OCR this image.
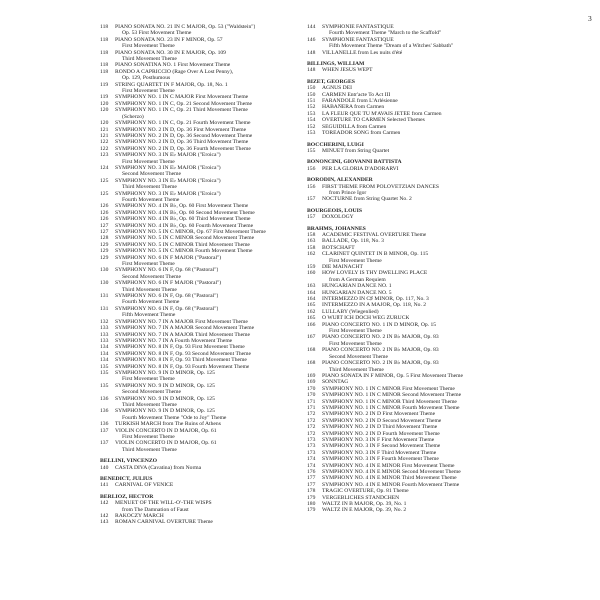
3
118	PIANO SONATA NO. 21 IN C MAJOR, Op. 53 ("Waldstein")
Op. 53 First Movement Theme
118	PIANO SONATA NO. 23 IN F MINOR, Op. 57
First Movement Theme
118	PIANO SONATA NO. 30 IN E MAJOR, Op. 109
Third Movement Theme
118	PIANO SONATINA NO. 1 First Movement Theme
118	RONDO A CAPRICCIO (Rage Over A Lost Penny),
Op. 129, Posthumous
119	STRING QUARTET IN F MAJOR, Op. 18, No. 1
First Movement Theme
119	SYMPHONY NO. 1 IN C MAJOR First Movement Theme
120	SYMPHONY NO. 1 IN C, Op. 21 Second Movement Theme
120	SYMPHONY NO. 1 IN C, Op. 21 Third Movement Theme
(Scherzo)
120	SYMPHONY NO. 1 IN C, Op. 21 Fourth Movement Theme
121	SYMPHONY NO. 2 IN D, Op. 36 First Movement Theme
121	SYMPHONY NO. 2 IN D, Op. 36 Second Movement Theme
122	SYMPHONY NO. 2 IN D, Op. 36 Third Movement Theme
122	SYMPHONY NO. 2 IN D, Op. 36 Fourth Movement Theme
123	SYMPHONY NO. 3 IN E♭ MAJOR ("Eroica")
First Movement Theme
124	SYMPHONY NO. 3 IN E♭ MAJOR ("Eroica")
Second Movement Theme
125	SYMPHONY NO. 3 IN E♭ MAJOR ("Eroica")
Third Movement Theme
125	SYMPHONY NO. 3 IN E♭ MAJOR ("Eroica")
Fourth Movement Theme
126	SYMPHONY NO. 4 IN B♭, Op. 60 First Movement Theme
126	SYMPHONY NO. 4 IN B♭, Op. 60 Second Movement Theme
126	SYMPHONY NO. 4 IN B♭, Op. 60 Third Movement Theme
127	SYMPHONY NO. 4 IN B♭, Op. 60 Fourth Movement Theme
127	SYMPHONY NO. 5 IN C MINOR, Op. 67 First Movement Theme
128	SYMPHONY NO. 5 IN C MINOR Second Movement Theme
129	SYMPHONY NO. 5 IN C MINOR Third Movement Theme
129	SYMPHONY NO. 5 IN C MINOR Fourth Movement Theme
129	SYMPHONY NO. 6 IN F MAJOR ("Pastoral")
First Movement Theme
130	SYMPHONY NO. 6 IN F, Op. 68 ("Pastoral")
Second Movement Theme
130	SYMPHONY NO. 6 IN F MAJOR ("Pastoral")
Third Movement Theme
131	SYMPHONY NO. 6 IN F, Op. 68 ("Pastoral")
Fourth Movement Theme
131	SYMPHONY NO. 6 IN F, Op. 68 ("Pastoral")
Fifth Movement Theme
132	SYMPHONY NO. 7 IN A MAJOR First Movement Theme
133	SYMPHONY NO. 7 IN A MAJOR Second Movement Theme
133	SYMPHONY NO. 7 IN A MAJOR Third Movement Theme
133	SYMPHONY NO. 7 IN A Fourth Movement Theme
134	SYMPHONY NO. 8 IN F, Op. 93 First Movement Theme
134	SYMPHONY NO. 8 IN F, Op. 93 Second Movement Theme
134	SYMPHONY NO. 8 IN F, Op. 93 Third Movement Theme
135	SYMPHONY NO. 8 IN F, Op. 93 Fourth Movement Theme
135	SYMPHONY NO. 9 IN D MINOR, Op. 125
First Movement Theme
135	SYMPHONY NO. 9 IN D MINOR, Op. 125
Second Movement Theme
136	SYMPHONY NO. 9 IN D MINOR, Op. 125
Third Movement Theme
136	SYMPHONY NO. 9 IN D MINOR, Op. 125
Fourth Movement Theme "Ode to Joy" Theme
136	TURKISH MARCH from The Ruins of Athens
137	VIOLIN CONCERTO IN D MAJOR, Op. 61
First Movement Theme
137	VIOLIN CONCERTO IN D MAJOR, Op. 61
Third Movement Theme
BELLINI, VINCENZO
140	CASTA DIVA (Cavatina) from Norma
BENEDICT, JULIUS
141	CARNIVAL OF VENICE
BERLIOZ, HECTOR
142	MENUET OF THE WILL-O'-THE WISPS
from The Damnation of Faust
142	RAKOCZY MARCH
143	ROMAN CARNIVAL OVERTURE Theme
144	SYMPHONIE FANTASTIQUE
Fourth Movement Theme "March to the Scaffold"
146	SYMPHONIE FANTASTIQUE
Fifth Movement Theme "Dream of a Witches' Sabbath"
148	VILLANELLE from Les nuits d'été
BILLINGS, WILLIAM
148	WHEN JESUS WEPT
BIZET, GEORGES
150	AGNUS DEI
150	CARMEN Entr'acte To Act III
151	FARANDOLE from L'Arlésienne
152	HABAÑERA from Carmen
153	LA FLEUR QUE TU M'AVAIS JETÉE from Carmen
154	OVERTURE TO CARMEN Selected Themes
152	SEGUIDILLA from Carmen
153	TOREADOR SONG from Carmen
BOCCHERINI, LUIGI
155	MINUET from String Quartet
BONONCINI, GIOVANNI BATTISTA
156	PER LA GLORIA D'ADORARVI
BORODIN, ALEXANDER
156	FIRST THEME FROM POLOVETZIAN DANCES
from Prince Igor
157	NOCTURNE from String Quartet No. 2
BOURGEOIS, LOUIS
157	DOXOLOGY
BRAHMS, JOHANNES
158	ACADEMIC FESTIVAL OVERTURE Theme
163	BALLADE, Op. 118, No. 3
158	BOTSCHAFT
162	CLARINET QUINTET IN B MINOR, Op. 115
First Movement Theme
159	DIE MAINACHT
160	HOW LOVELY IS THY DWELLING PLACE
from A German Requiem
163	HUNGARIAN DANCE NO. 1
164	HUNGARIAN DANCE NO. 5
164	INTERMEZZO IN C♯ MINOR, Op. 117, No. 3
165	INTERMEZZO IN A MAJOR, Op. 118, No. 2
162	LULLABY (Wiegenlied)
165	O WÜßT ICH DOCH WEG ZURÜCK
166	PIANO CONCERTO NO. 1 IN D MINOR, Op. 15
First Movement Theme
167	PIANO CONCERTO NO. 2 IN B♭ MAJOR, Op. 83
First Movement Theme
168	PIANO CONCERTO NO. 2 IN B♭ MAJOR, Op. 83
Second Movement Theme
168	PIANO CONCERTO NO. 2 IN B♭ MAJOR, Op. 83
Third Movement Theme
169	PIANO SONATA IN F MINOR, Op. 5 First Movement Theme
169	SONNTAG
170	SYMPHONY NO. 1 IN C MINOR First Movement Theme
170	SYMPHONY NO. 1 IN C MINOR Second Movement Theme
171	SYMPHONY NO. 1 IN C MINOR Third Movement Theme
171	SYMPHONY NO. 1 IN C MINOR Fourth Movement Theme
172	SYMPHONY NO. 2 IN D First Movement Theme
172	SYMPHONY NO. 2 IN D Second Movement Theme
172	SYMPHONY NO. 2 IN D Third Movement Theme
172	SYMPHONY NO. 2 IN D Fourth Movement Theme
173	SYMPHONY NO. 3 IN F First Movement Theme
173	SYMPHONY NO. 3 IN F Second Movement Theme
173	SYMPHONY NO. 3 IN F Third Movement Theme
174	SYMPHONY NO. 3 IN F Fourth Movement Theme
174	SYMPHONY NO. 4 IN E MINOR First Movement Theme
176	SYMPHONY NO. 4 IN E MINOR Second Movement Theme
177	SYMPHONY NO. 4 IN E MINOR Third Movement Theme
177	SYMPHONY NO. 4 IN E MINOR Fourth Movement Theme
178	TRAGIC OVERTURE, Op. 81 Theme
179	VERGEBLICHES STÄNDCHEN
180	WALTZ IN B MAJOR, Op. 39, No. 1
179	WALTZ IN E MAJOR, Op. 39, No. 2
